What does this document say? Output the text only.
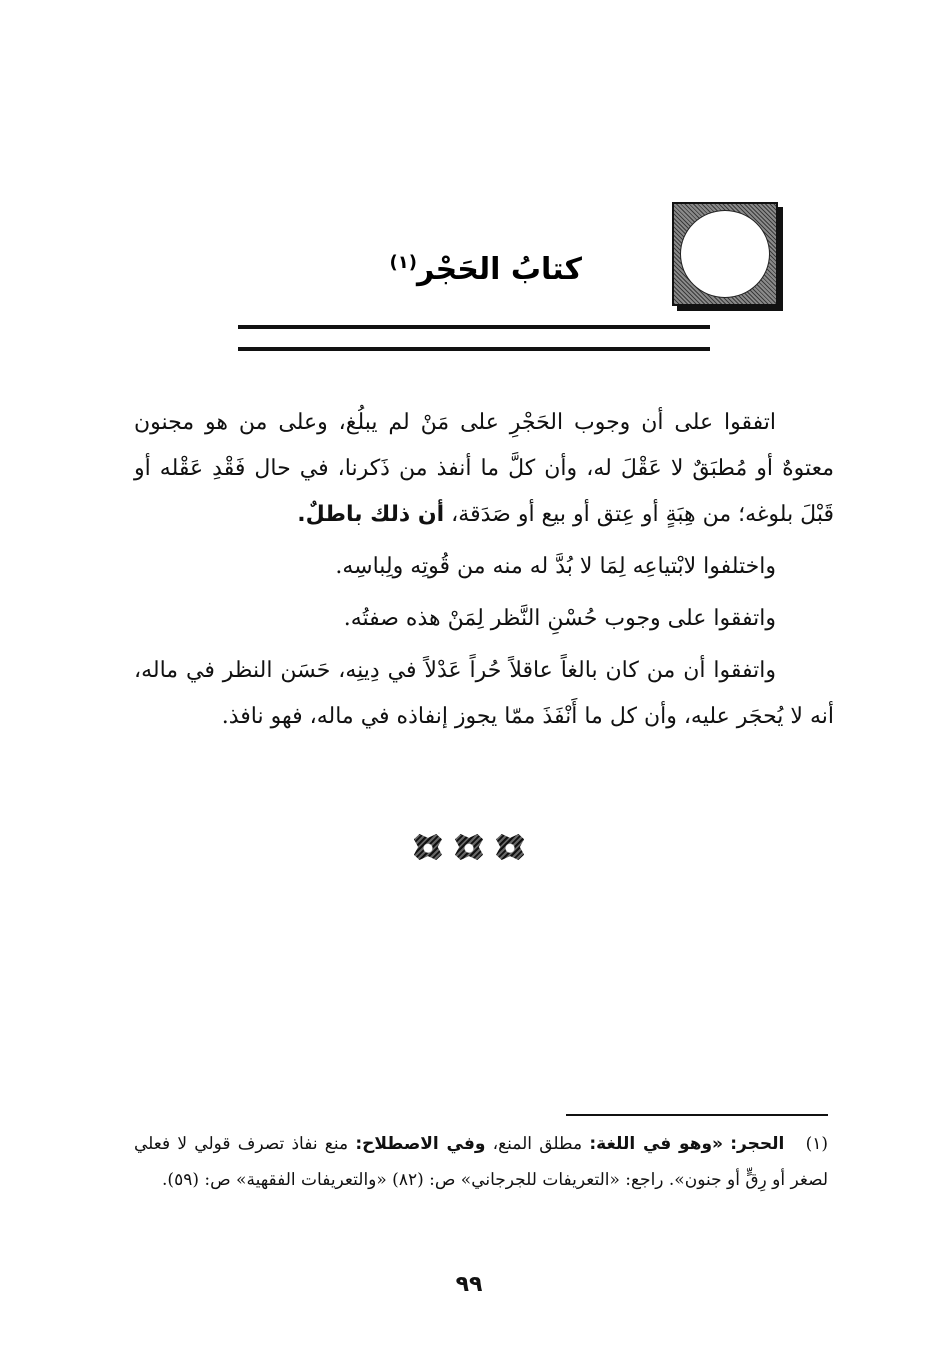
كتابُ الحَجْر$^{(١)}$

اتفقوا على أن وجوب الحَجْرِ على مَنْ لم يبلُغ، وعلى من هو مجنون معتوهٌ أو مُطبَقٌ لا عَقْلَ له، وأن كلَّ ما أنفذ من ذَكرنا، في حال فَقْدِ عَقْله أو قَبْلَ بلوغه؛ من هِبَةٍ أو عِتق أو بيع أو صَدَقة، أن ذلك باطلٌ.

واختلفوا لابْتياعِه لِمَا لا بُدَّ له منه من قُوتِه ولِباسِه.

واتفقوا على وجوب حُسْنِ النَّظر لِمَنْ هذه صفتُه.

واتفقوا أن من كان بالغاً عاقلاً حُراً عَدْلاً في دِينِه، حَسَن النظر في ماله، أنه لا يُحجَر عليه، وأن كل ما أَنْفَذَ ممّا يجوز إنفاذه في ماله، فهو نافذ.

(١) الحجر: «وهو في اللغة: مطلق المنع، وفي الاصطلاح: منع نفاذ تصرف قولي لا فعلي لصغر أو رِقٍّ أو جنون». راجع: «التعريفات للجرجاني» ص: (٨٢) «والتعريفات الفقهية» ص: (٥٩).
٩٩
